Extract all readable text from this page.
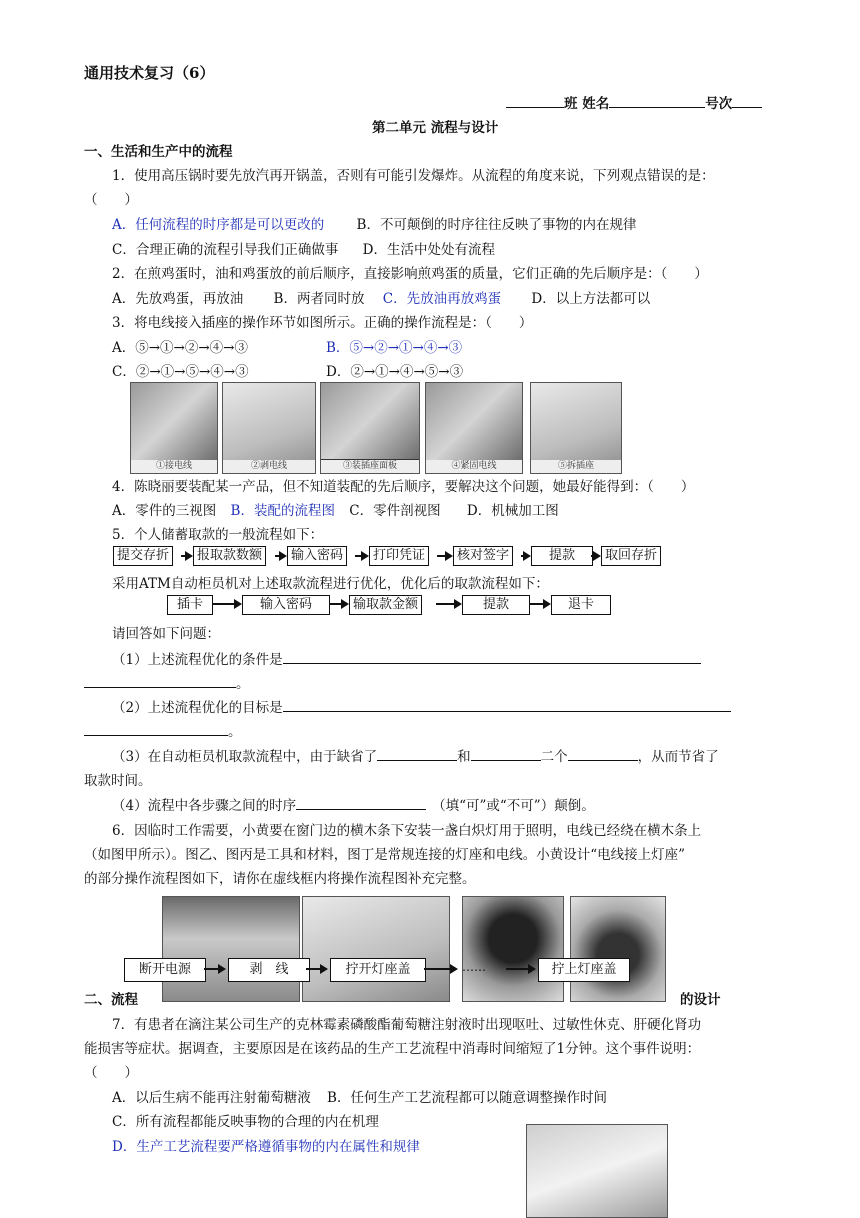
通用技术复习（6）
班 姓名	号次
第二单元 流程与设计
一、生活和生产中的流程
1．使用高压锅时要先放汽再开锅盖，否则有可能引发爆炸。从流程的角度来说，下列观点错误的是：
（　　）
A．任何流程的时序都是可以更改的 B．不可颠倒的时序往往反映了事物的内在规律
C．合理正确的流程引导我们正确做事 D．生活中处处有流程
2．在煎鸡蛋时，油和鸡蛋放的前后顺序，直接影响煎鸡蛋的质量，它们正确的先后顺序是：（　　）
A．先放鸡蛋，再放油 B．两者同时放 C．先放油再放鸡蛋 D．以上方法都可以
3．将电线接入插座的操作环节如图所示。正确的操作流程是：（　　）
A．⑤→①→②→④→③	B．⑤→②→①→④→③
C．②→①→⑤→④→③	D．②→①→④→⑤→③
①接电线	②剥电线	③装插座面板	④紧固电线	⑤拆插座
4．陈晓丽要装配某一产品，但不知道装配的先后顺序，要解决这个问题，她最好能得到：（　　）
A．零件的三视图 B．装配的流程图 C．零件剖视图 D．机械加工图
5．个人储蓄取款的一般流程如下：
提交存折	报取款数额	输入密码	打印凭证	核对签字	提款	取回存折
采用ATM自动柜员机对上述取款流程进行优化，优化后的取款流程如下：
插卡	输入密码	输取款金额	提款	退卡
请回答如下问题：
（1）上述流程优化的条件是
。
（2）上述流程优化的目标是
。
（3）在自动柜员机取款流程中，由于缺省了	和	二个	，从而节省了
取款时间。
（4）流程中各步骤之间的时序	（填“可”或“不可”）颠倒。
6．因临时工作需要，小黄要在窗门边的横木条下安装一盏白炽灯用于照明，电线已经绕在横木条上
（如图甲所示）。图乙、图丙是工具和材料，图丁是常规连接的灯座和电线。小黄设计“电线接上灯座”
的部分操作流程图如下，请你在虚线框内将操作流程图补充完整。
断开电源	剥　线	拧开灯座盖	……	拧上灯座盖
二、流程	的设计
7．有患者在滴注某公司生产的克林霉素磷酸酯葡萄糖注射液时出现呕吐、过敏性休克、肝硬化肾功
能损害等症状。据调查，主要原因是在该药品的生产工艺流程中消毒时间缩短了1分钟。这个事件说明：
（　　）
A．以后生病不能再注射葡萄糖液 B．任何生产工艺流程都可以随意调整操作时间
C．所有流程都能反映事物的合理的内在机理
D．生产工艺流程要严格遵循事物的内在属性和规律
